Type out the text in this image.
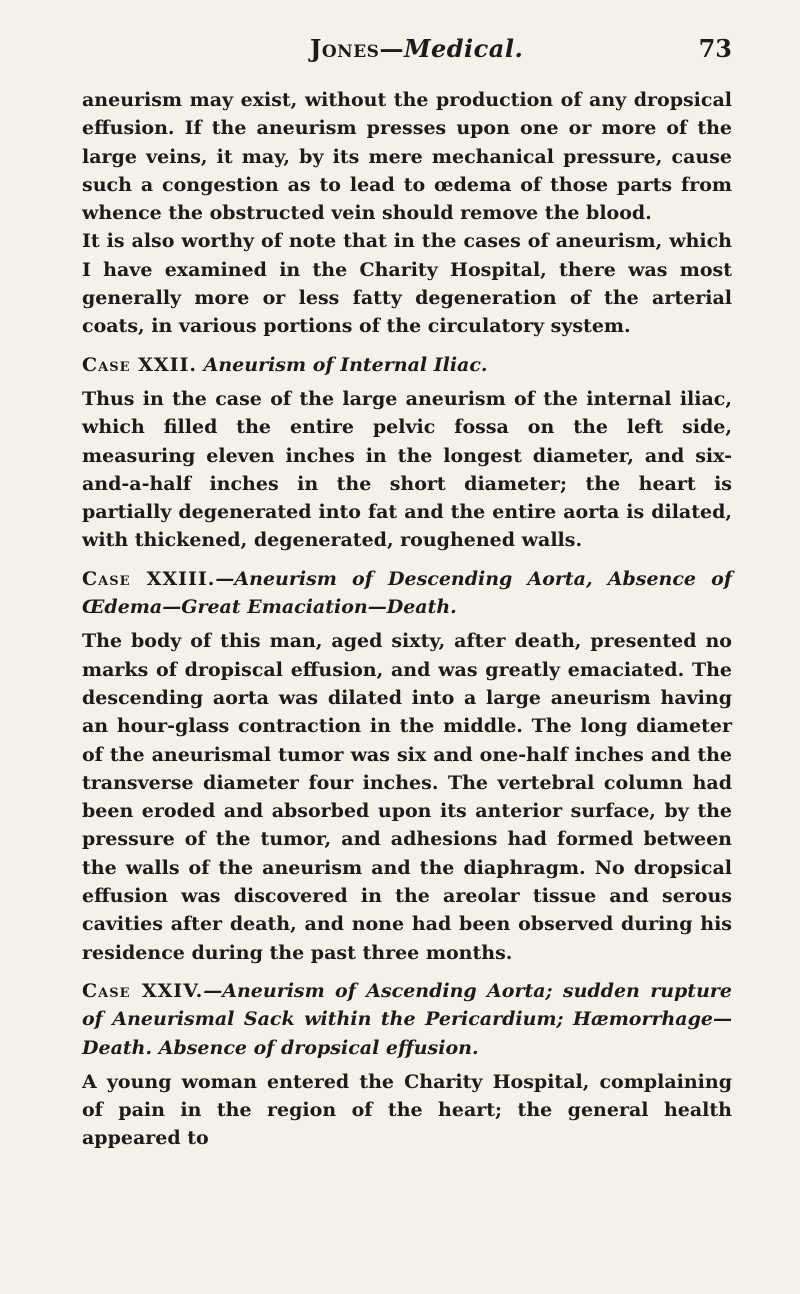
Jones—Medical.	73

aneurism may exist, without the production of any dropsical effusion. If the aneurism presses upon one or more of the large veins, it may, by its mere mechanical pressure, cause such a congestion as to lead to œdema of those parts from whence the obstructed vein should remove the blood.

It is also worthy of note that in the cases of aneurism, which I have examined in the Charity Hospital, there was most generally more or less fatty degeneration of the arterial coats, in various portions of the circulatory system.

Case XXII. Aneurism of Internal Iliac.

Thus in the case of the large aneurism of the internal iliac, which filled the entire pelvic fossa on the left side, measuring eleven inches in the longest diameter, and six-and-a-half inches in the short diameter; the heart is partially degenerated into fat and the entire aorta is dilated, with thickened, degenerated, roughened walls.

Case XXIII.—Aneurism of Descending Aorta, Absence of Œdema—Great Emaciation—Death.

The body of this man, aged sixty, after death, presented no marks of dropiscal effusion, and was greatly emaciated. The descending aorta was dilated into a large aneurism having an hour-glass contraction in the middle. The long diameter of the aneurismal tumor was six and one-half inches and the transverse diameter four inches. The vertebral column had been eroded and absorbed upon its anterior surface, by the pressure of the tumor, and adhesions had formed between the walls of the aneurism and the diaphragm. No dropsical effusion was discovered in the areolar tissue and serous cavities after death, and none had been observed during his residence during the past three months.

Case XXIV.—Aneurism of Ascending Aorta; sudden rupture of Aneurismal Sack within the Pericardium; Hæmorrhage—Death. Absence of dropsical effusion.

A young woman entered the Charity Hospital, complaining of pain in the region of the heart; the general health appeared to
